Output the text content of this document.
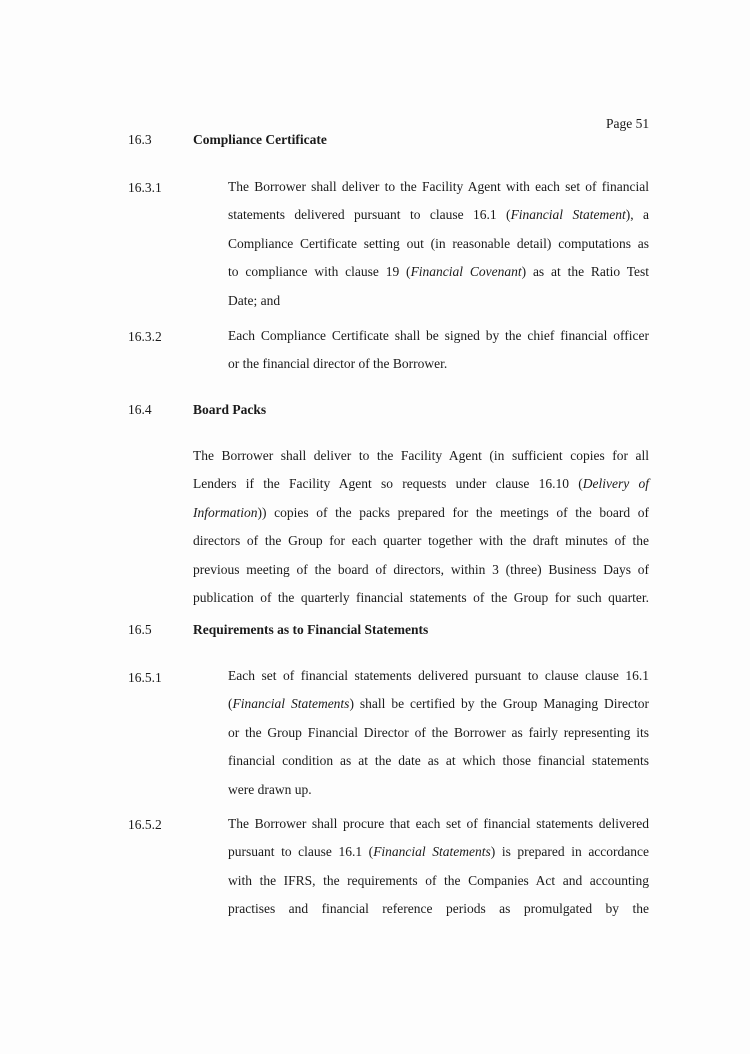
Page 51
16.3	Compliance Certificate
16.3.1	The Borrower shall deliver to the Facility Agent with each set of financial
statements delivered pursuant to clause 16.1 (Financial Statement), a
Compliance Certificate setting out (in reasonable detail) computations as
to compliance with clause 19 (Financial Covenant) as at the Ratio Test
Date; and
16.3.2	Each Compliance Certificate shall be signed by the chief financial officer
or the financial director of the Borrower.
16.4	Board Packs
The Borrower shall deliver to the Facility Agent (in sufficient copies for all
Lenders if the Facility Agent so requests under clause 16.10 (Delivery of
Information)) copies of the packs prepared for the meetings of the board of
directors of the Group for each quarter together with the draft minutes of the
previous meeting of the board of directors, within 3 (three) Business Days of
publication of the quarterly financial statements of the Group for such quarter.
16.5	Requirements as to Financial Statements
16.5.1	Each set of financial statements delivered pursuant to clause clause 16.1
(Financial Statements) shall be certified by the Group Managing Director
or the Group Financial Director of the Borrower as fairly representing its
financial condition as at the date as at which those financial statements
were drawn up.
16.5.2	The Borrower shall procure that each set of financial statements delivered
pursuant to clause 16.1 (Financial Statements) is prepared in accordance
with the IFRS, the requirements of the Companies Act and accounting
practises and financial reference periods as promulgated by the
